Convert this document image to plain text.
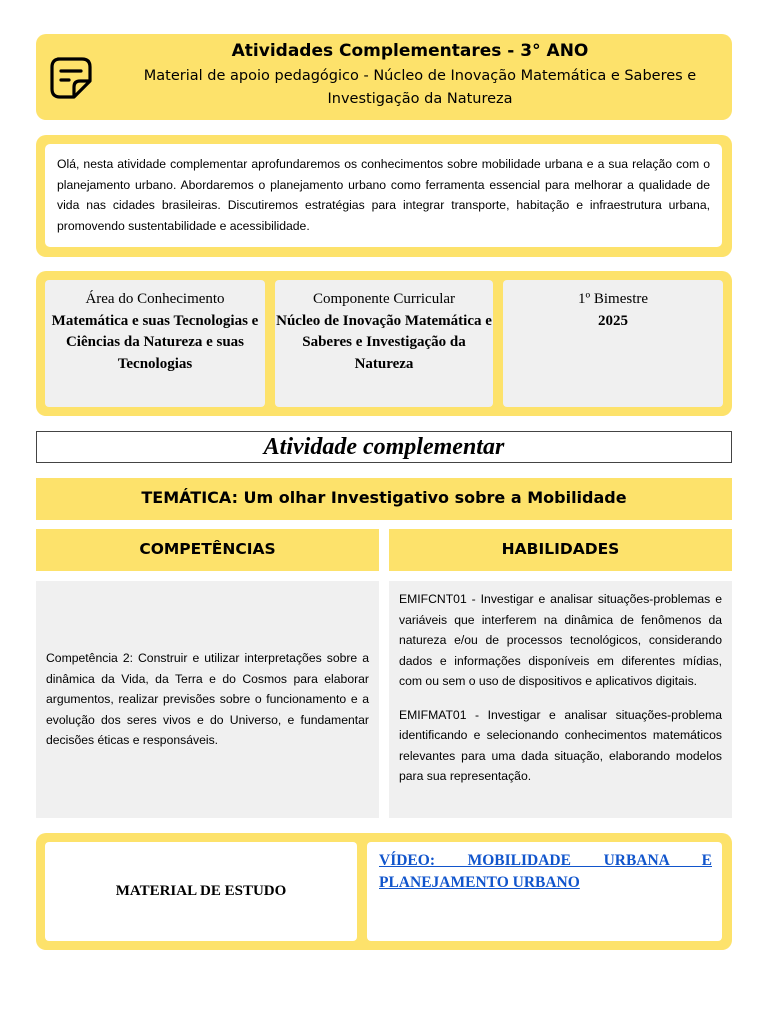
Atividades Complementares - 3° ANO
Material de apoio pedagógico - Núcleo de Inovação Matemática e Saberes e Investigação da Natureza
Olá, nesta atividade complementar aprofundaremos os conhecimentos sobre mobilidade urbana e a sua relação com o planejamento urbano. Abordaremos o planejamento urbano como ferramenta essencial para melhorar a qualidade de vida nas cidades brasileiras. Discutiremos estratégias para integrar transporte, habitação e infraestrutura urbana, promovendo sustentabilidade e acessibilidade.
Área do Conhecimento
Matemática e suas Tecnologias e Ciências da Natureza e suas Tecnologias
Componente Curricular
Núcleo de Inovação Matemática e Saberes e Investigação da Natureza
1º Bimestre
2025
Atividade complementar
TEMÁTICA: Um olhar Investigativo sobre a Mobilidade
COMPETÊNCIAS	HABILIDADES
Competência 2: Construir e utilizar interpretações sobre a dinâmica da Vida, da Terra e do Cosmos para elaborar argumentos, realizar previsões sobre o funcionamento e a evolução dos seres vivos e do Universo, e fundamentar decisões éticas e responsáveis.

EMIFCNT01 - Investigar e analisar situações-problemas e variáveis que interferem na dinâmica de fenômenos da natureza e/ou de processos tecnológicos, considerando dados e informações disponíveis em diferentes mídias, com ou sem o uso de dispositivos e aplicativos digitais.

EMIFMAT01 - Investigar e analisar situações-problema identificando e selecionando conhecimentos matemáticos relevantes para uma dada situação, elaborando modelos para sua representação.

MATERIAL DE ESTUDO
VÍDEO: MOBILIDADE URBANA E PLANEJAMENTO URBANO
